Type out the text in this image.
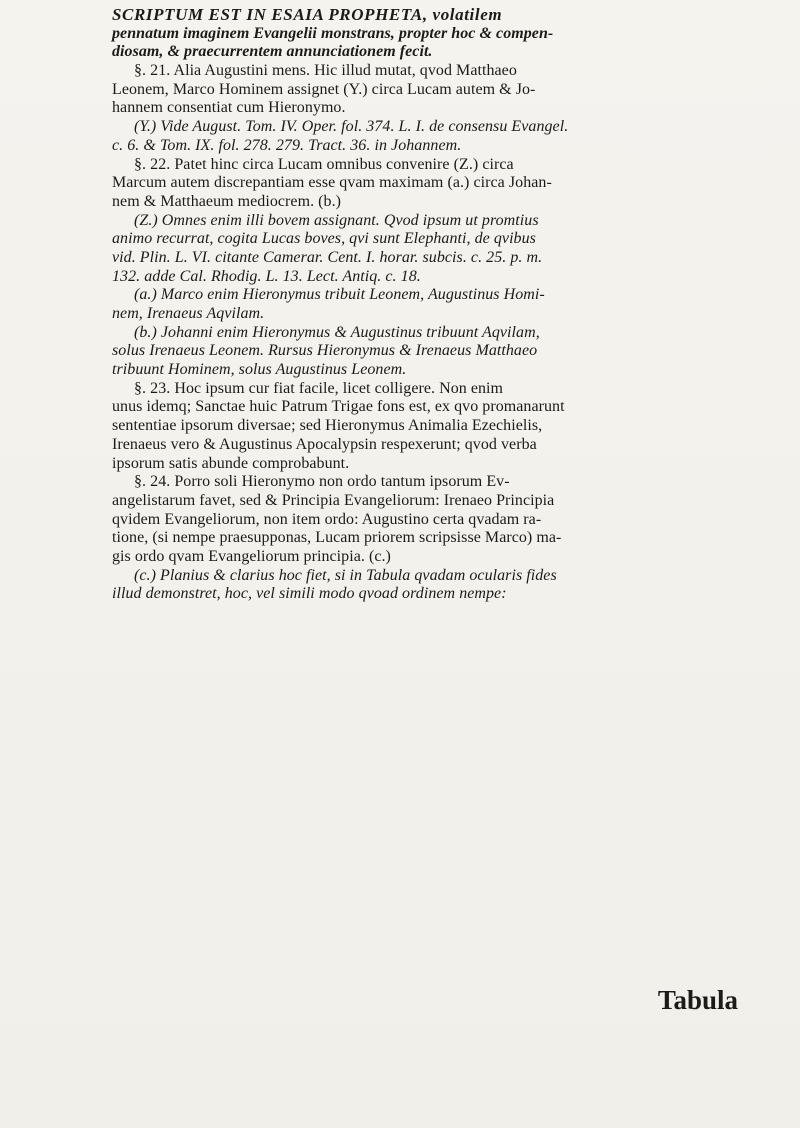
SCRIPTUM EST IN ESAIA PROPHETA, volatilem
pennatum imaginem Evangelii monstrans, propter hoc & compen-
diosam, & praecurrentem annunciationem fecit.
§. 21. Alia Augustini mens. Hic illud mutat, qvod Matthaeo
Leonem, Marco Hominem assignet (Y.) circa Lucam autem & Jo-
hannem consentiat cum Hieronymo.
(Y.) Vide August. Tom. IV. Oper. fol. 374. L. I. de consensu Evangel.
c. 6. & Tom. IX. fol. 278. 279. Tract. 36. in Johannem.
§. 22. Patet hinc circa Lucam omnibus convenire (Z.) circa
Marcum autem discrepantiam esse qvam maximam (a.) circa Johan-
nem & Matthaeum mediocrem. (b.)
(Z.) Omnes enim illi bovem assignant. Qvod ipsum ut promtius
animo recurrat, cogita Lucas boves, qvi sunt Elephanti, de qvibus
vid. Plin. L. VI. citante Camerar. Cent. I. horar. subcis. c. 25. p. m.
132. adde Cal. Rhodig. L. 13. Lect. Antiq. c. 18.
(a.) Marco enim Hieronymus tribuit Leonem, Augustinus Homi-
nem, Irenaeus Aqvilam.
(b.) Johanni enim Hieronymus & Augustinus tribuunt Aqvilam,
solus Irenaeus Leonem. Rursus Hieronymus & Irenaeus Matthaeo
tribuunt Hominem, solus Augustinus Leonem.
§. 23. Hoc ipsum cur fiat facile, licet colligere. Non enim
unus idemq; Sanctae huic Patrum Trigae fons est, ex qvo promanarunt
sententiae ipsorum diversae; sed Hieronymus Animalia Ezechielis,
Irenaeus vero & Augustinus Apocalypsin respexerunt; qvod verba
ipsorum satis abunde comprobabunt.
§. 24. Porro soli Hieronymo non ordo tantum ipsorum Ev-
angelistarum favet, sed & Principia Evangeliorum: Irenaeo Principia
qvidem Evangeliorum, non item ordo: Augustino certa qvadam ra-
tione, (si nempe praesupponas, Lucam priorem scripsisse Marco) ma-
gis ordo qvam Evangeliorum principia. (c.)
(c.) Planius & clarius hoc fiet, si in Tabula qvadam ocularis fides
illud demonstret, hoc, vel simili modo qvoad ordinem nempe:
Tabula
